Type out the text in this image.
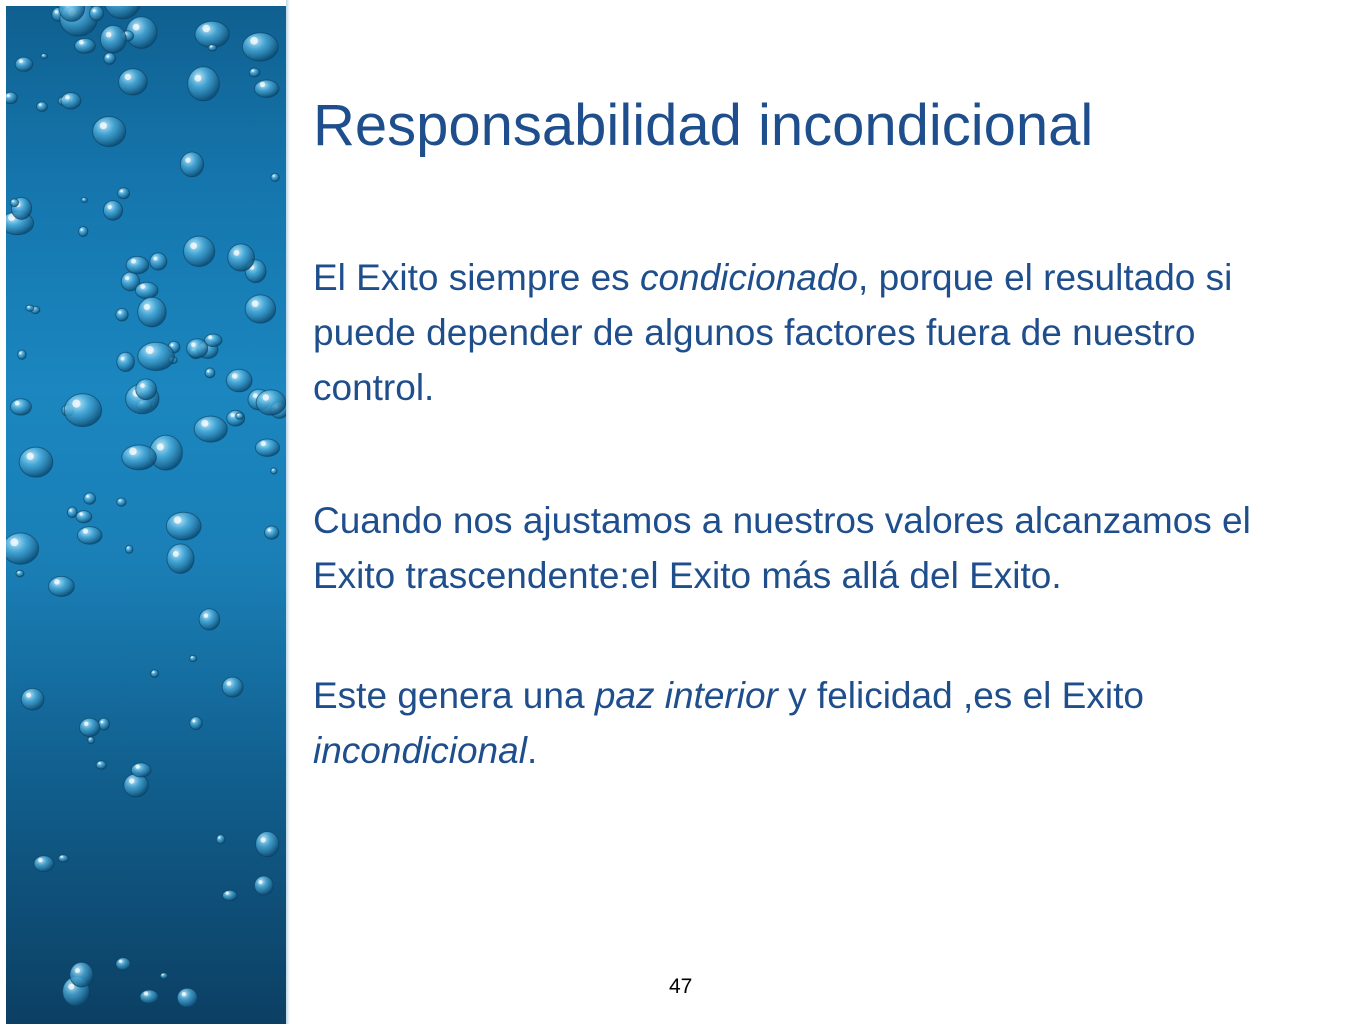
Responsabilidad incondicional

El Exito siempre es condicionado, porque el resultado si puede depender de algunos factores fuera de nuestro control.

Cuando nos ajustamos a nuestros valores alcanzamos el Exito trascendente:el Exito más allá del Exito.

Este genera una paz interior y felicidad ,es el Exito incondicional.

47
